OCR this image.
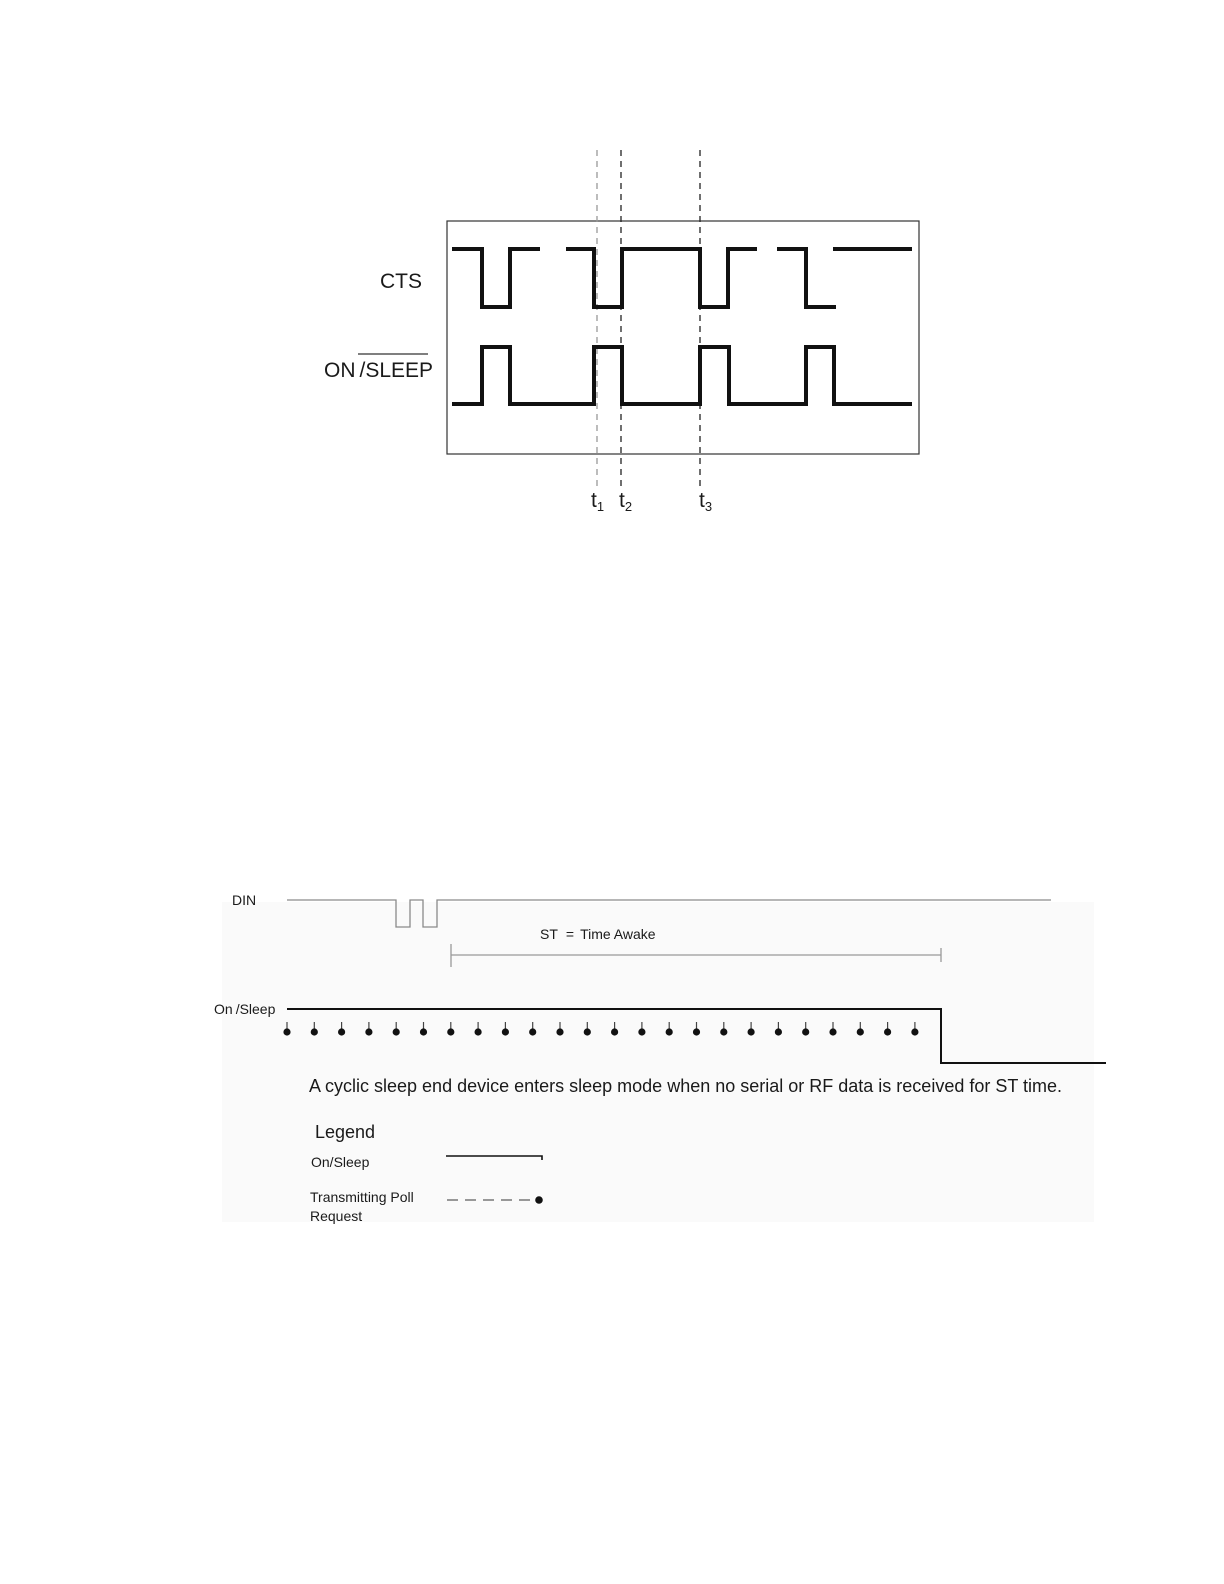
CTS
ON /SLEEP
t1 t2	t3
DIN
ST = Time Awake
On /Sleep
A cyclic sleep end device enters sleep mode when no serial or RF data is received for ST time.
Legend
On/Sleep
Transmitting Poll
Request
